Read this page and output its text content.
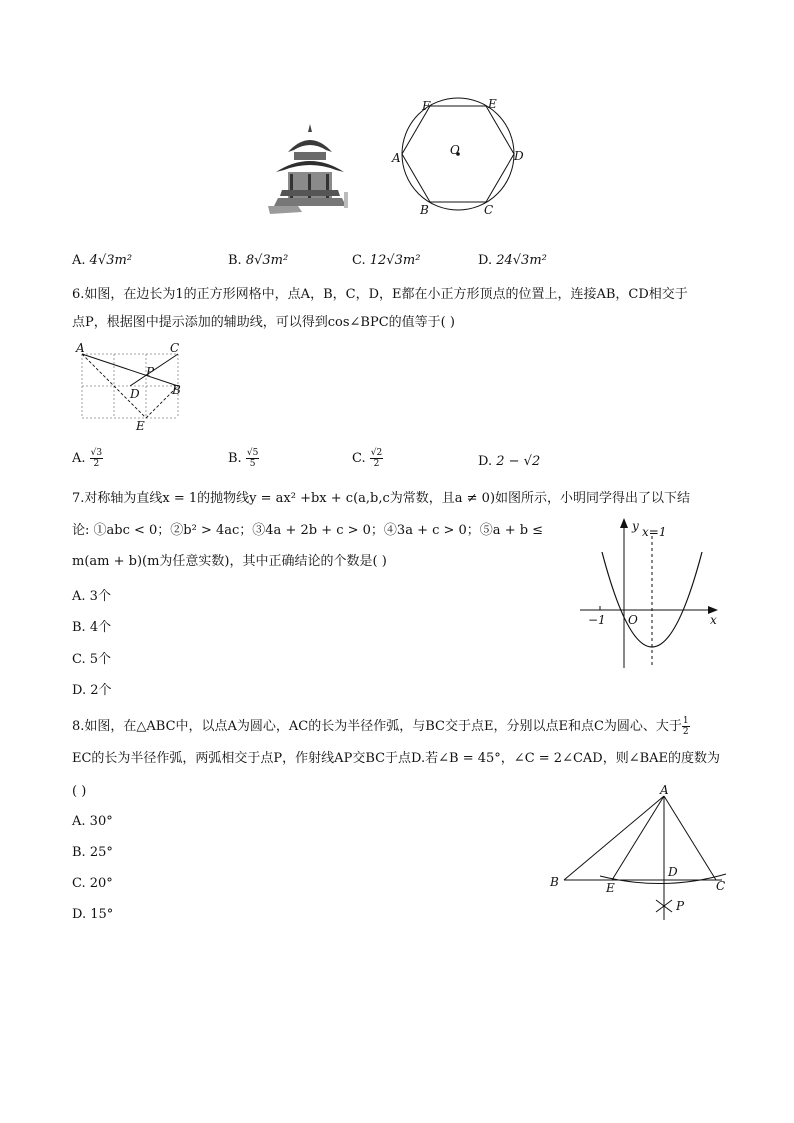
O
A
B	C
D
E
F
A. 4√3m²	B. 8√3m²	C. 12√3m²	D. 24√3m²
6.如图，在边长为1的正方形网格中，点A，B，C，D，E都在小正方形顶点的位置上，连接AB，CD相交于
点P，根据图中提示添加的辅助线，可以得到cos∠BPC的值等于( )
A	C
P
B
D
E
A. $\frac{√3}{2}$	B. $\frac{√5}{5}$	C. $\frac{√2}{2}$	D. 2 − √2
7.对称轴为直线x = 1的抛物线y = ax² +bx + c(a,b,c为常数，且a ≠ 0)如图所示，小明同学得出了以下结
论: ①abc < 0；②b² > 4ac；③4a + 2b + c > 0；④3a + c > 0；⑤a + b ≤
m(am + b)(m为任意实数)，其中正确结论的个数是( )
A. 3个
B. 4个
C. 5个
D. 2个
y x=1
x
−1 O
8.如图，在△ABC中，以点A为圆心，AC的长为半径作弧，与BC交于点E，分别以点E和点C为圆心、大于 $\frac{1}{2}$
EC的长为半径作弧，两弧相交于点P，作射线AP交BC于点D.若∠B = 45°，∠C = 2∠CAD，则∠BAE的度数为
( )
A. 30°
B. 25°
C. 20°
D. 15°
A
B	C
D
E
P
